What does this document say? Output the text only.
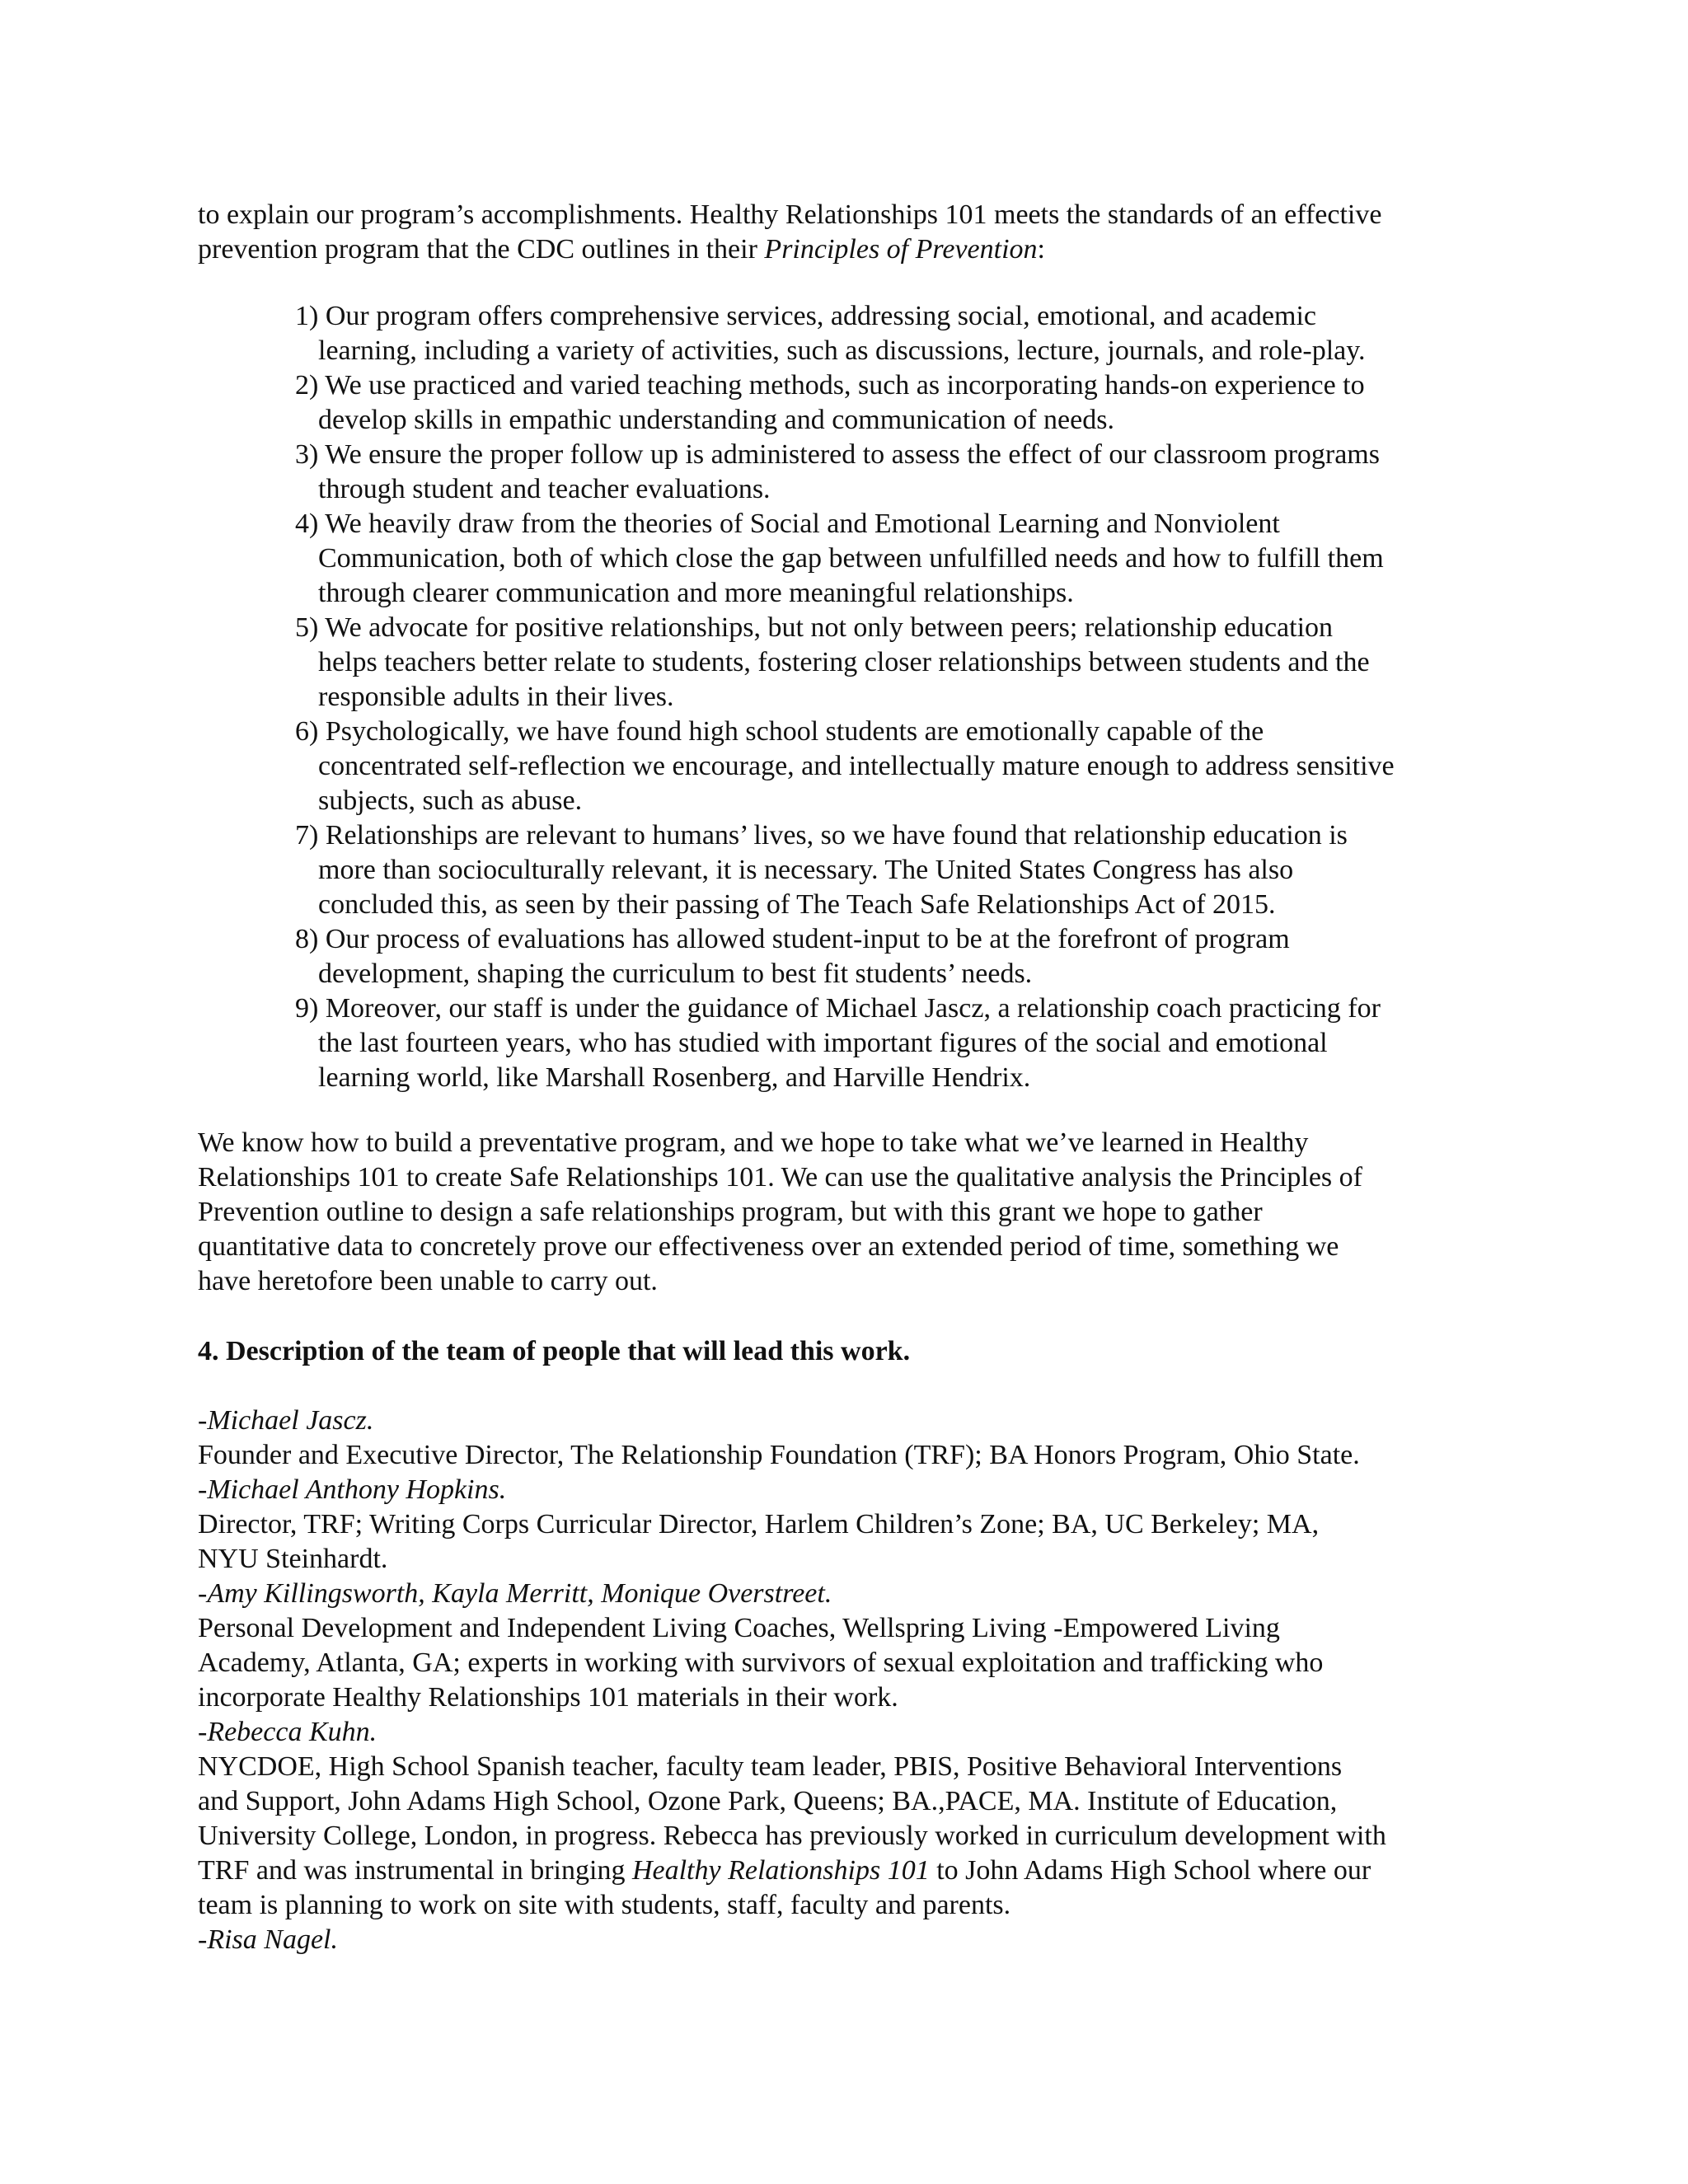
to explain our program’s accomplishments. Healthy Relationships 101 meets the standards of an effective
prevention program that the CDC outlines in their Principles of Prevention:
1) Our program offers comprehensive services, addressing social, emotional, and academic
learning, including a variety of activities, such as discussions, lecture, journals, and role-play.
2) We use practiced and varied teaching methods, such as incorporating hands-on experience to
develop skills in empathic understanding and communication of needs.
3) We ensure the proper follow up is administered to assess the effect of our classroom programs
through student and teacher evaluations.
4) We heavily draw from the theories of Social and Emotional Learning and Nonviolent
Communication, both of which close the gap between unfulfilled needs and how to fulfill them
through clearer communication and more meaningful relationships.
5) We advocate for positive relationships, but not only between peers; relationship education
helps teachers better relate to students, fostering closer relationships between students and the
responsible adults in their lives.
6) Psychologically, we have found high school students are emotionally capable of the
concentrated self-reflection we encourage, and intellectually mature enough to address sensitive
subjects, such as abuse.
7) Relationships are relevant to humans’ lives, so we have found that relationship education is
more than socioculturally relevant, it is necessary. The United States Congress has also
concluded this, as seen by their passing of The Teach Safe Relationships Act of 2015.
8) Our process of evaluations has allowed student-input to be at the forefront of program
development, shaping the curriculum to best fit students’ needs.
9) Moreover, our staff is under the guidance of Michael Jascz, a relationship coach practicing for
the last fourteen years, who has studied with important figures of the social and emotional
learning world, like Marshall Rosenberg, and Harville Hendrix.
We know how to build a preventative program, and we hope to take what we’ve learned in Healthy
Relationships 101 to create Safe Relationships 101. We can use the qualitative analysis the Principles of
Prevention outline to design a safe relationships program, but with this grant we hope to gather
quantitative data to concretely prove our effectiveness over an extended period of time, something we
have heretofore been unable to carry out.
4. Description of the team of people that will lead this work.
-Michael Jascz.
Founder and Executive Director, The Relationship Foundation (TRF); BA Honors Program, Ohio State.
-Michael Anthony Hopkins.
Director, TRF; Writing Corps Curricular Director, Harlem Children’s Zone; BA, UC Berkeley; MA,
NYU Steinhardt.
-Amy Killingsworth, Kayla Merritt, Monique Overstreet.
Personal Development and Independent Living Coaches, Wellspring Living -Empowered Living
Academy, Atlanta, GA; experts in working with survivors of sexual exploitation and trafficking who
incorporate Healthy Relationships 101 materials in their work.
-Rebecca Kuhn.
NYCDOE, High School Spanish teacher, faculty team leader, PBIS, Positive Behavioral Interventions
and Support, John Adams High School, Ozone Park, Queens; BA.,PACE, MA. Institute of Education,
University College, London, in progress. Rebecca has previously worked in curriculum development with
TRF and was instrumental in bringing Healthy Relationships 101 to John Adams High School where our
team is planning to work on site with students, staff, faculty and parents.
-Risa Nagel.
